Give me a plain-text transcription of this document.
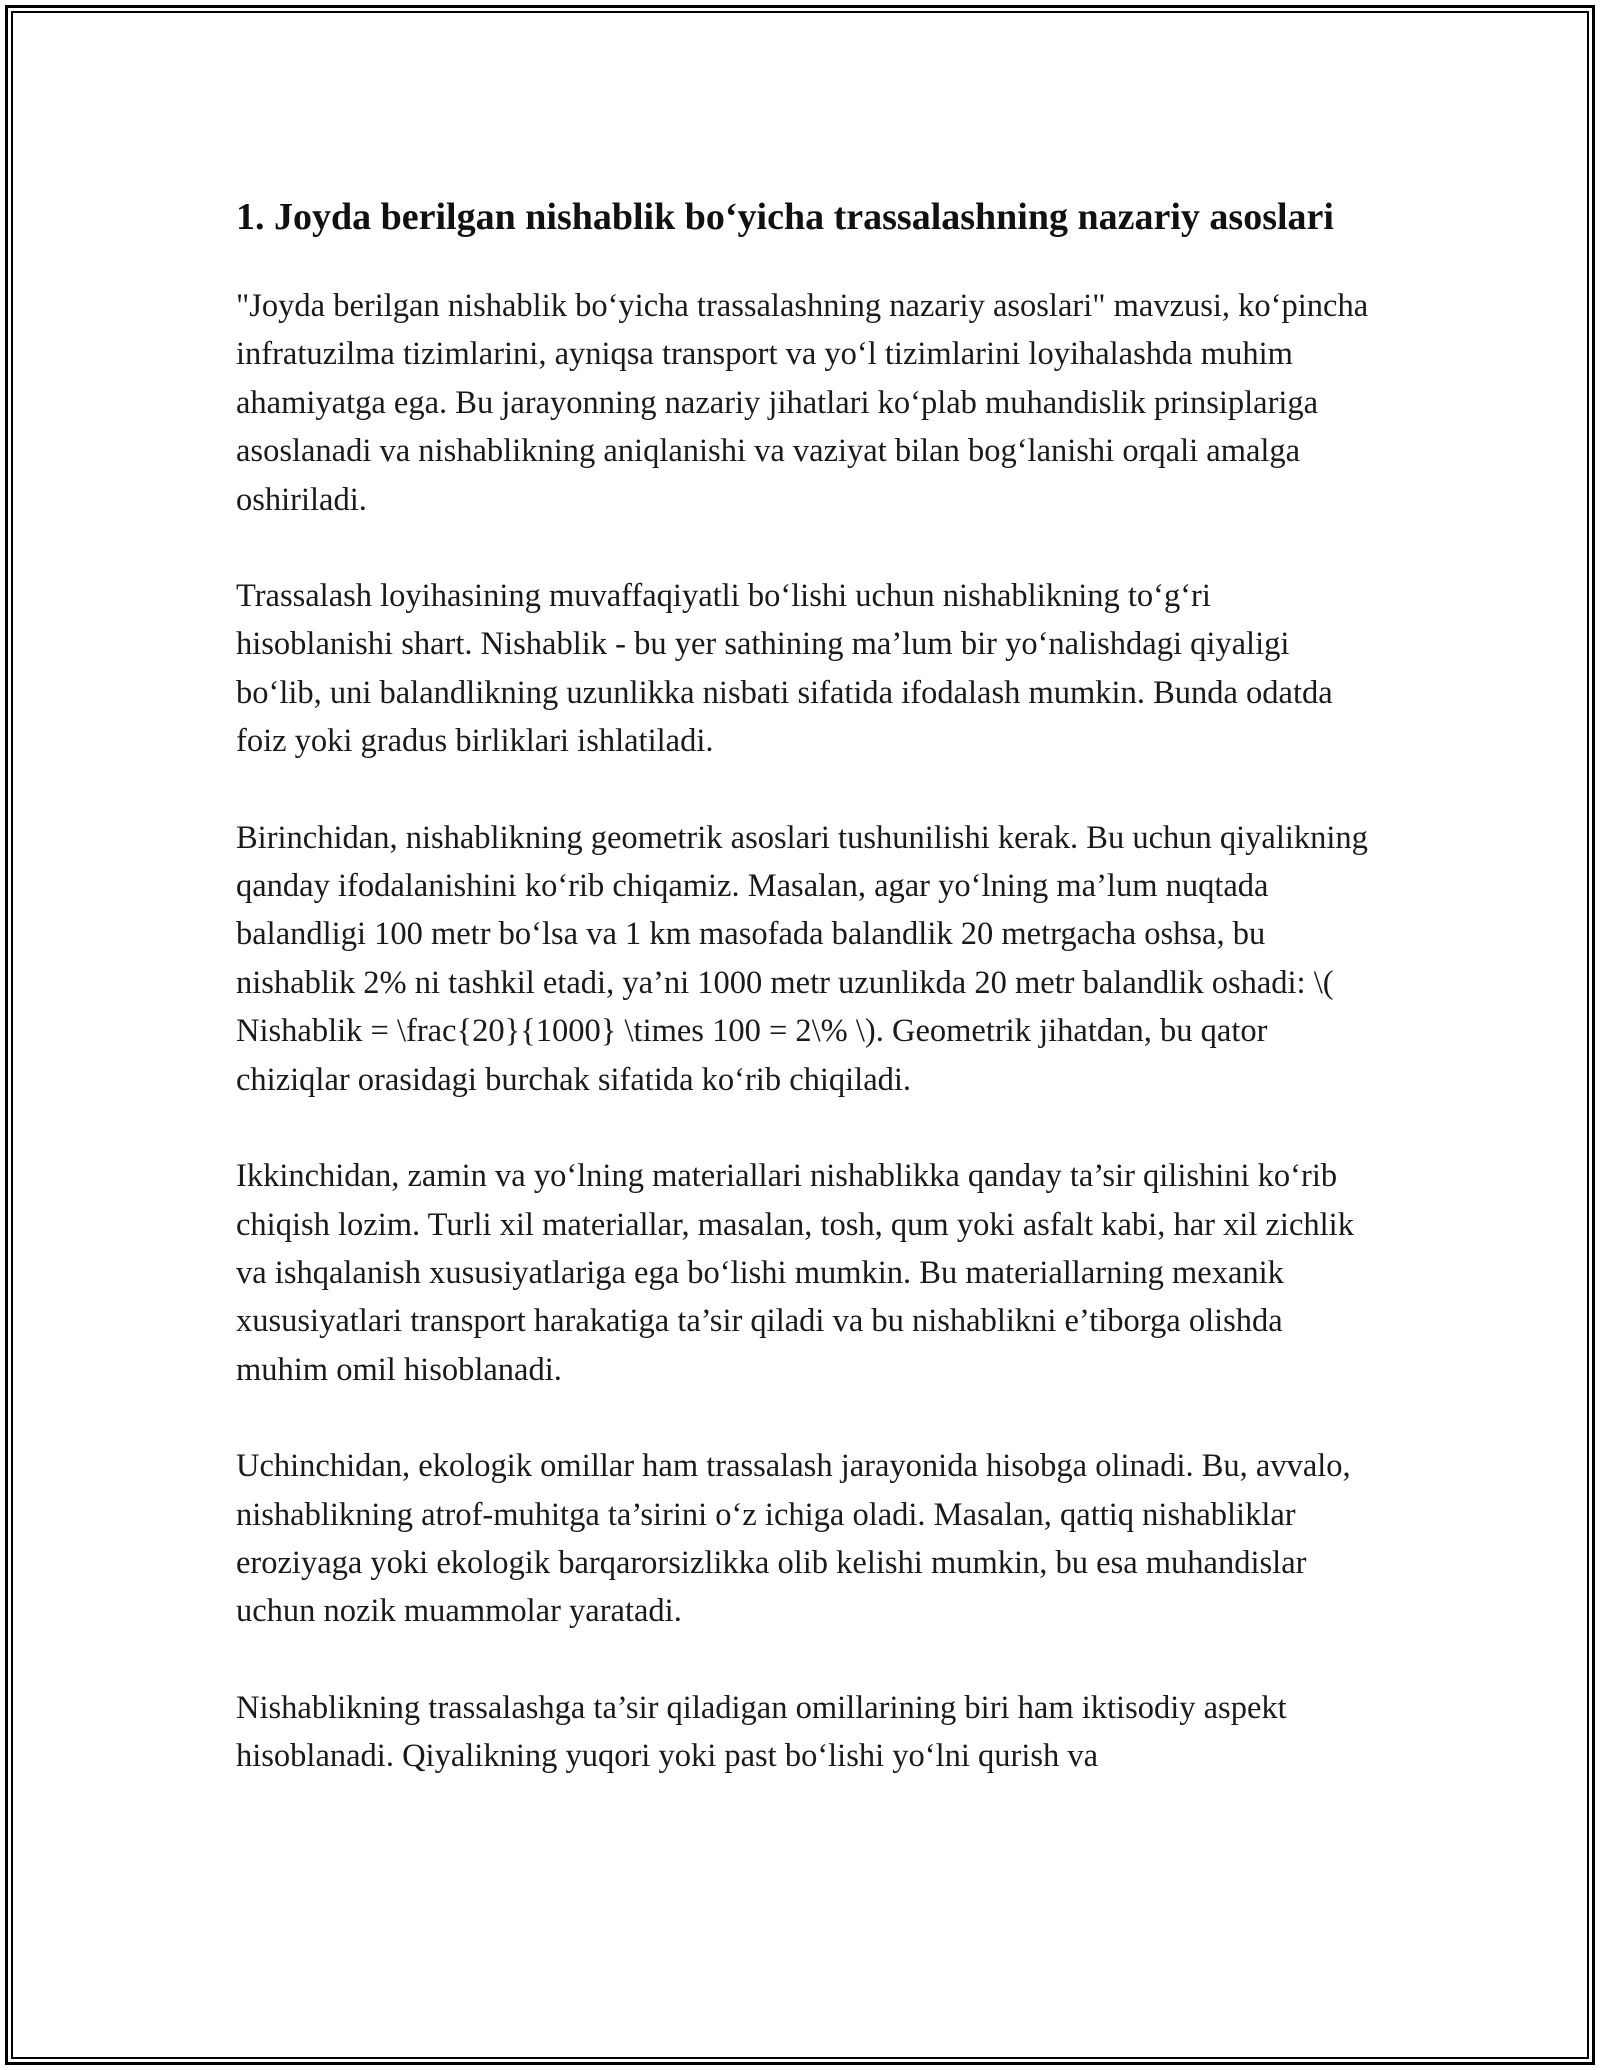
1. Joyda berilgan nishablik bo‘yicha trassalashning nazariy asoslari

"Joyda berilgan nishablik bo‘yicha trassalashning nazariy asoslari" mavzusi, ko‘pincha infratuzilma tizimlarini, ayniqsa transport va yo‘l tizimlarini loyihalashda muhim ahamiyatga ega. Bu jarayonning nazariy jihatlari ko‘plab muhandislik prinsiplariga asoslanadi va nishablikning aniqlanishi va vaziyat bilan bog‘lanishi orqali amalga oshiriladi.

Trassalash loyihasining muvaffaqiyatli bo‘lishi uchun nishablikning to‘g‘ri hisoblanishi shart. Nishablik - bu yer sathining ma’lum bir yo‘nalishdagi qiyaligi bo‘lib, uni balandlikning uzunlikka nisbati sifatida ifodalash mumkin. Bunda odatda foiz yoki gradus birliklari ishlatiladi.

Birinchidan, nishablikning geometrik asoslari tushunilishi kerak. Bu uchun qiyalikning qanday ifodalanishini ko‘rib chiqamiz. Masalan, agar yo‘lning ma’lum nuqtada balandligi 100 metr bo‘lsa va 1 km masofada balandlik 20 metrgacha oshsa, bu nishablik 2% ni tashkil etadi, ya’ni 1000 metr uzunlikda 20 metr balandlik oshadi: \( Nishablik = \frac{20}{1000} \times 100 = 2\% \). Geometrik jihatdan, bu qator chiziqlar orasidagi burchak sifatida ko‘rib chiqiladi.

Ikkinchidan, zamin va yo‘lning materiallari nishablikka qanday ta’sir qilishini ko‘rib chiqish lozim. Turli xil materiallar, masalan, tosh, qum yoki asfalt kabi, har xil zichlik va ishqalanish xususiyatlariga ega bo‘lishi mumkin. Bu materiallarning mexanik xususiyatlari transport harakatiga ta’sir qiladi va bu nishablikni e’tiborga olishda muhim omil hisoblanadi.

Uchinchidan, ekologik omillar ham trassalash jarayonida hisobga olinadi. Bu, avvalo, nishablikning atrof-muhitga ta’sirini o‘z ichiga oladi. Masalan, qattiq nishabliklar eroziyaga yoki ekologik barqarorsizlikka olib kelishi mumkin, bu esa muhandislar uchun nozik muammolar yaratadi.

Nishablikning trassalashga ta’sir qiladigan omillarining biri ham iktisodiy aspekt hisoblanadi. Qiyalikning yuqori yoki past bo‘lishi yo‘lni qurish va
